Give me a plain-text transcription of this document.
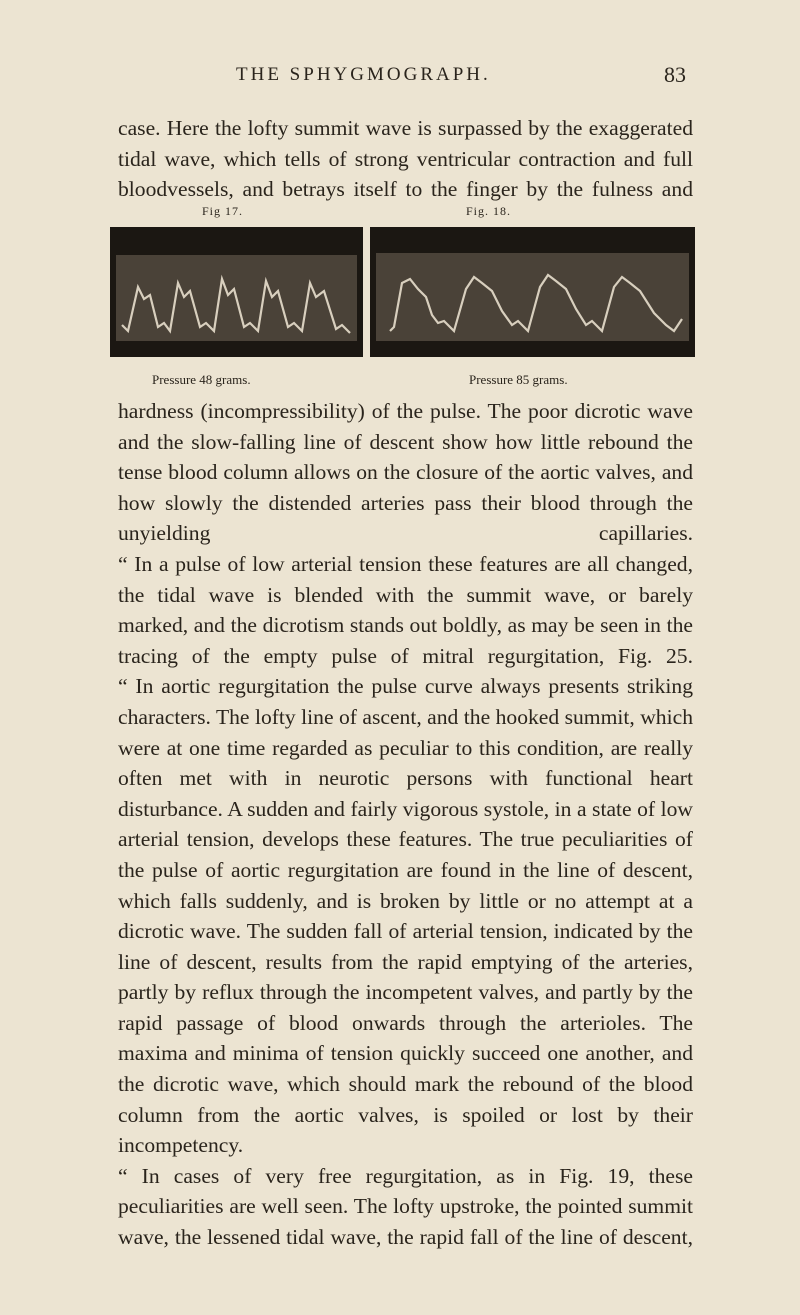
THE SPHYGMOGRAPH.	83

case. Here the lofty summit wave is surpassed by the exaggerated tidal wave, which tells of strong ventricular contraction and full bloodvessels, and betrays itself to the finger by the fulness and

Fig 17.	Fig. 18.
Pressure 48 grams.	Pressure 85 grams.

hardness (incompressibility) of the pulse. The poor dicrotic wave and the slow-falling line of descent show how little rebound the tense blood column allows on the closure of the aortic valves, and how slowly the distended arteries pass their blood through the unyielding capillaries.

“ In a pulse of low arterial tension these features are all changed, the tidal wave is blended with the summit wave, or barely marked, and the dicrotism stands out boldly, as may be seen in the tracing of the empty pulse of mitral regurgitation, Fig. 25.

“ In aortic regurgitation the pulse curve always presents striking characters. The lofty line of ascent, and the hooked summit, which were at one time regarded as peculiar to this condition, are really often met with in neurotic persons with functional heart disturbance. A sudden and fairly vigorous systole, in a state of low arterial tension, develops these features. The true peculiarities of the pulse of aortic regurgitation are found in the line of descent, which falls suddenly, and is broken by little or no attempt at a dicrotic wave. The sudden fall of arterial tension, indicated by the line of descent, results from the rapid emptying of the arteries, partly by reflux through the incompetent valves, and partly by the rapid passage of blood onwards through the arterioles. The maxima and minima of tension quickly succeed one another, and the dicrotic wave, which should mark the rebound of the blood column from the aortic valves, is spoiled or lost by their incompetency.

“ In cases of very free regurgitation, as in Fig. 19, these peculiarities are well seen. The lofty upstroke, the pointed summit wave, the lessened tidal wave, the rapid fall of the line of descent,
